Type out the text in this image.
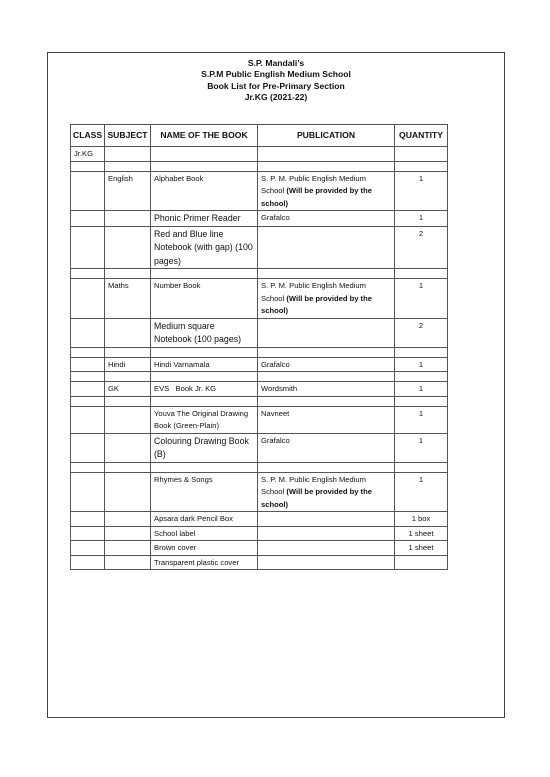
S.P. Mandali’s
S.P.M Public English Medium School
Book List for Pre-Primary Section
Jr.KG (2021-22)
CLASS	SUBJECT	NAME OF THE BOOK	PUBLICATION	QUANTITY
Jr.KG				

	English	Alphabet Book	S. P. M. Public English Medium School (Will be provided by the school)	1
		Phonic Primer Reader	Grafalco	1
		Red and Blue line Notebook (with gap) (100 pages)		2

	Maths	Number Book	S. P. M. Public English Medium School (Will be provided by the school)	1
		Medium square Notebook (100 pages)		2

	Hindi	Hindi Varnamala	Grafalco	1

	GK	EVS   Book Jr. KG	Wordsmith	1

		Youva The Original Drawing Book (Green-Plain)	Navneet	1
		Colouring Drawing Book (B)	Grafalco	1

		Rhymes & Songs	S. P. M. Public English Medium School (Will be provided by the school)	1
		Apsara dark Pencil Box		1 box
		School label		1 sheet
		Brown cover		1 sheet
		Transparent plastic cover		
